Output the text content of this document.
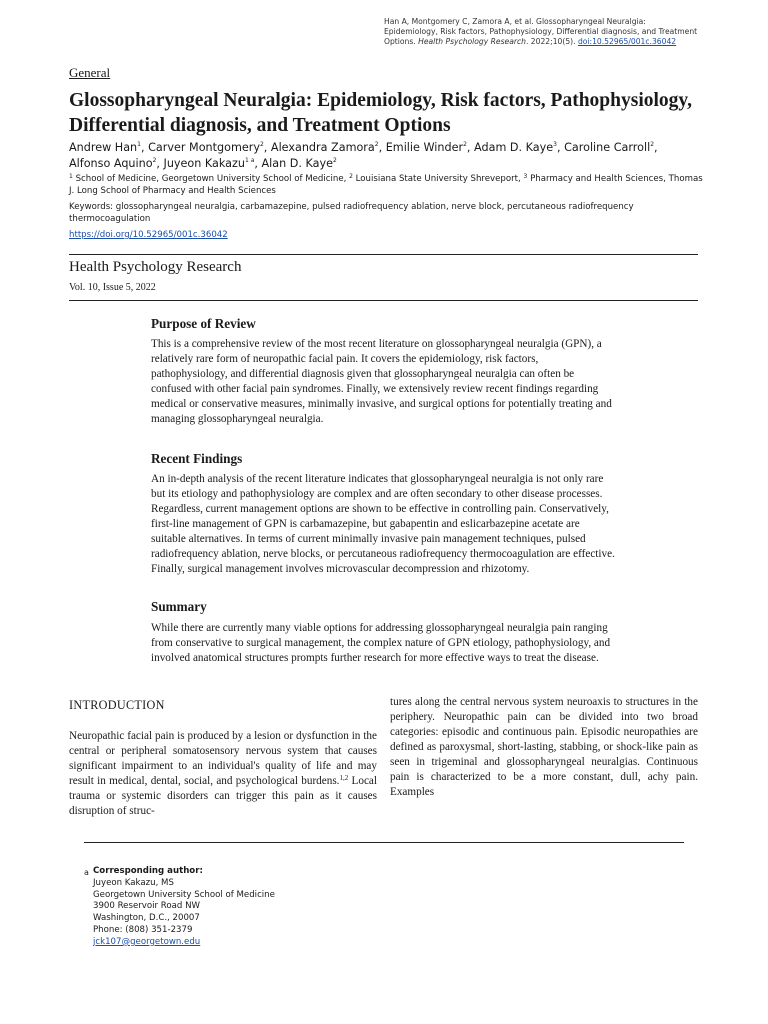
Han A, Montgomery C, Zamora A, et al. Glossopharyngeal Neuralgia: Epidemiology, Risk factors, Pathophysiology, Differential diagnosis, and Treatment Options. Health Psychology Research. 2022;10(5). doi:10.52965/001c.36042
General
Glossopharyngeal Neuralgia: Epidemiology, Risk factors, Pathophysiology, Differential diagnosis, and Treatment Options
Andrew Han$^1$, Carver Montgomery$^2$, Alexandra Zamora$^2$, Emilie Winder$^2$, Adam D. Kaye$^3$, Caroline Carroll$^2$,
Alfonso Aquino$^2$, Juyeon Kakazu$^{1 a}$, Alan D. Kaye$^2$
$^1$ School of Medicine, Georgetown University School of Medicine, $^2$ Louisiana State University Shreveport, $^3$ Pharmacy and Health Sciences, Thomas J. Long School of Pharmacy and Health Sciences
Keywords: glossopharyngeal neuralgia, carbamazepine, pulsed radiofrequency ablation, nerve block, percutaneous radiofrequency thermocoagulation
https://doi.org/10.52965/001c.36042
Health Psychology Research
Vol. 10, Issue 5, 2022
Purpose of Review
This is a comprehensive review of the most recent literature on glossopharyngeal neuralgia (GPN), a relatively rare form of neuropathic facial pain. It covers the epidemiology, risk factors, pathophysiology, and differential diagnosis given that glossopharyngeal neuralgia can often be confused with other facial pain syndromes. Finally, we extensively review recent findings regarding medical or conservative measures, minimally invasive, and surgical options for potentially treating and managing glossopharyngeal neuralgia.
Recent Findings
An in-depth analysis of the recent literature indicates that glossopharyngeal neuralgia is not only rare but its etiology and pathophysiology are complex and are often secondary to other disease processes. Regardless, current management options are shown to be effective in controlling pain. Conservatively, first-line management of GPN is carbamazepine, but gabapentin and eslicarbazepine acetate are suitable alternatives. In terms of current minimally invasive pain management techniques, pulsed radiofrequency ablation, nerve blocks, or percutaneous radiofrequency thermocoagulation are effective. Finally, surgical management involves microvascular decompression and rhizotomy.
Summary
While there are currently many viable options for addressing glossopharyngeal neuralgia pain ranging from conservative to surgical management, the complex nature of GPN etiology, pathophysiology, and involved anatomical structures prompts further research for more effective ways to treat the disease.
INTRODUCTION
Neuropathic facial pain is produced by a lesion or dysfunction in the central or peripheral somatosensory nervous system that causes significant impairment to an individual's quality of life and may result in medical, dental, social, and psychological burdens.$^{1,2}$ Local trauma or systemic disorders can trigger this pain as it causes disruption of struc-
tures along the central nervous system neuroaxis to structures in the periphery. Neuropathic pain can be divided into two broad categories: episodic and continuous pain. Episodic neuropathies are defined as paroxysmal, short-lasting, stabbing, or shock-like pain as seen in trigeminal and glossopharyngeal neuralgias. Continuous pain is characterized to be a more constant, dull, achy pain. Examples
a Corresponding author:
Juyeon Kakazu, MS
Georgetown University School of Medicine
3900 Reservoir Road NW
Washington, D.C., 20007
Phone: (808) 351-2379
jck107@georgetown.edu
